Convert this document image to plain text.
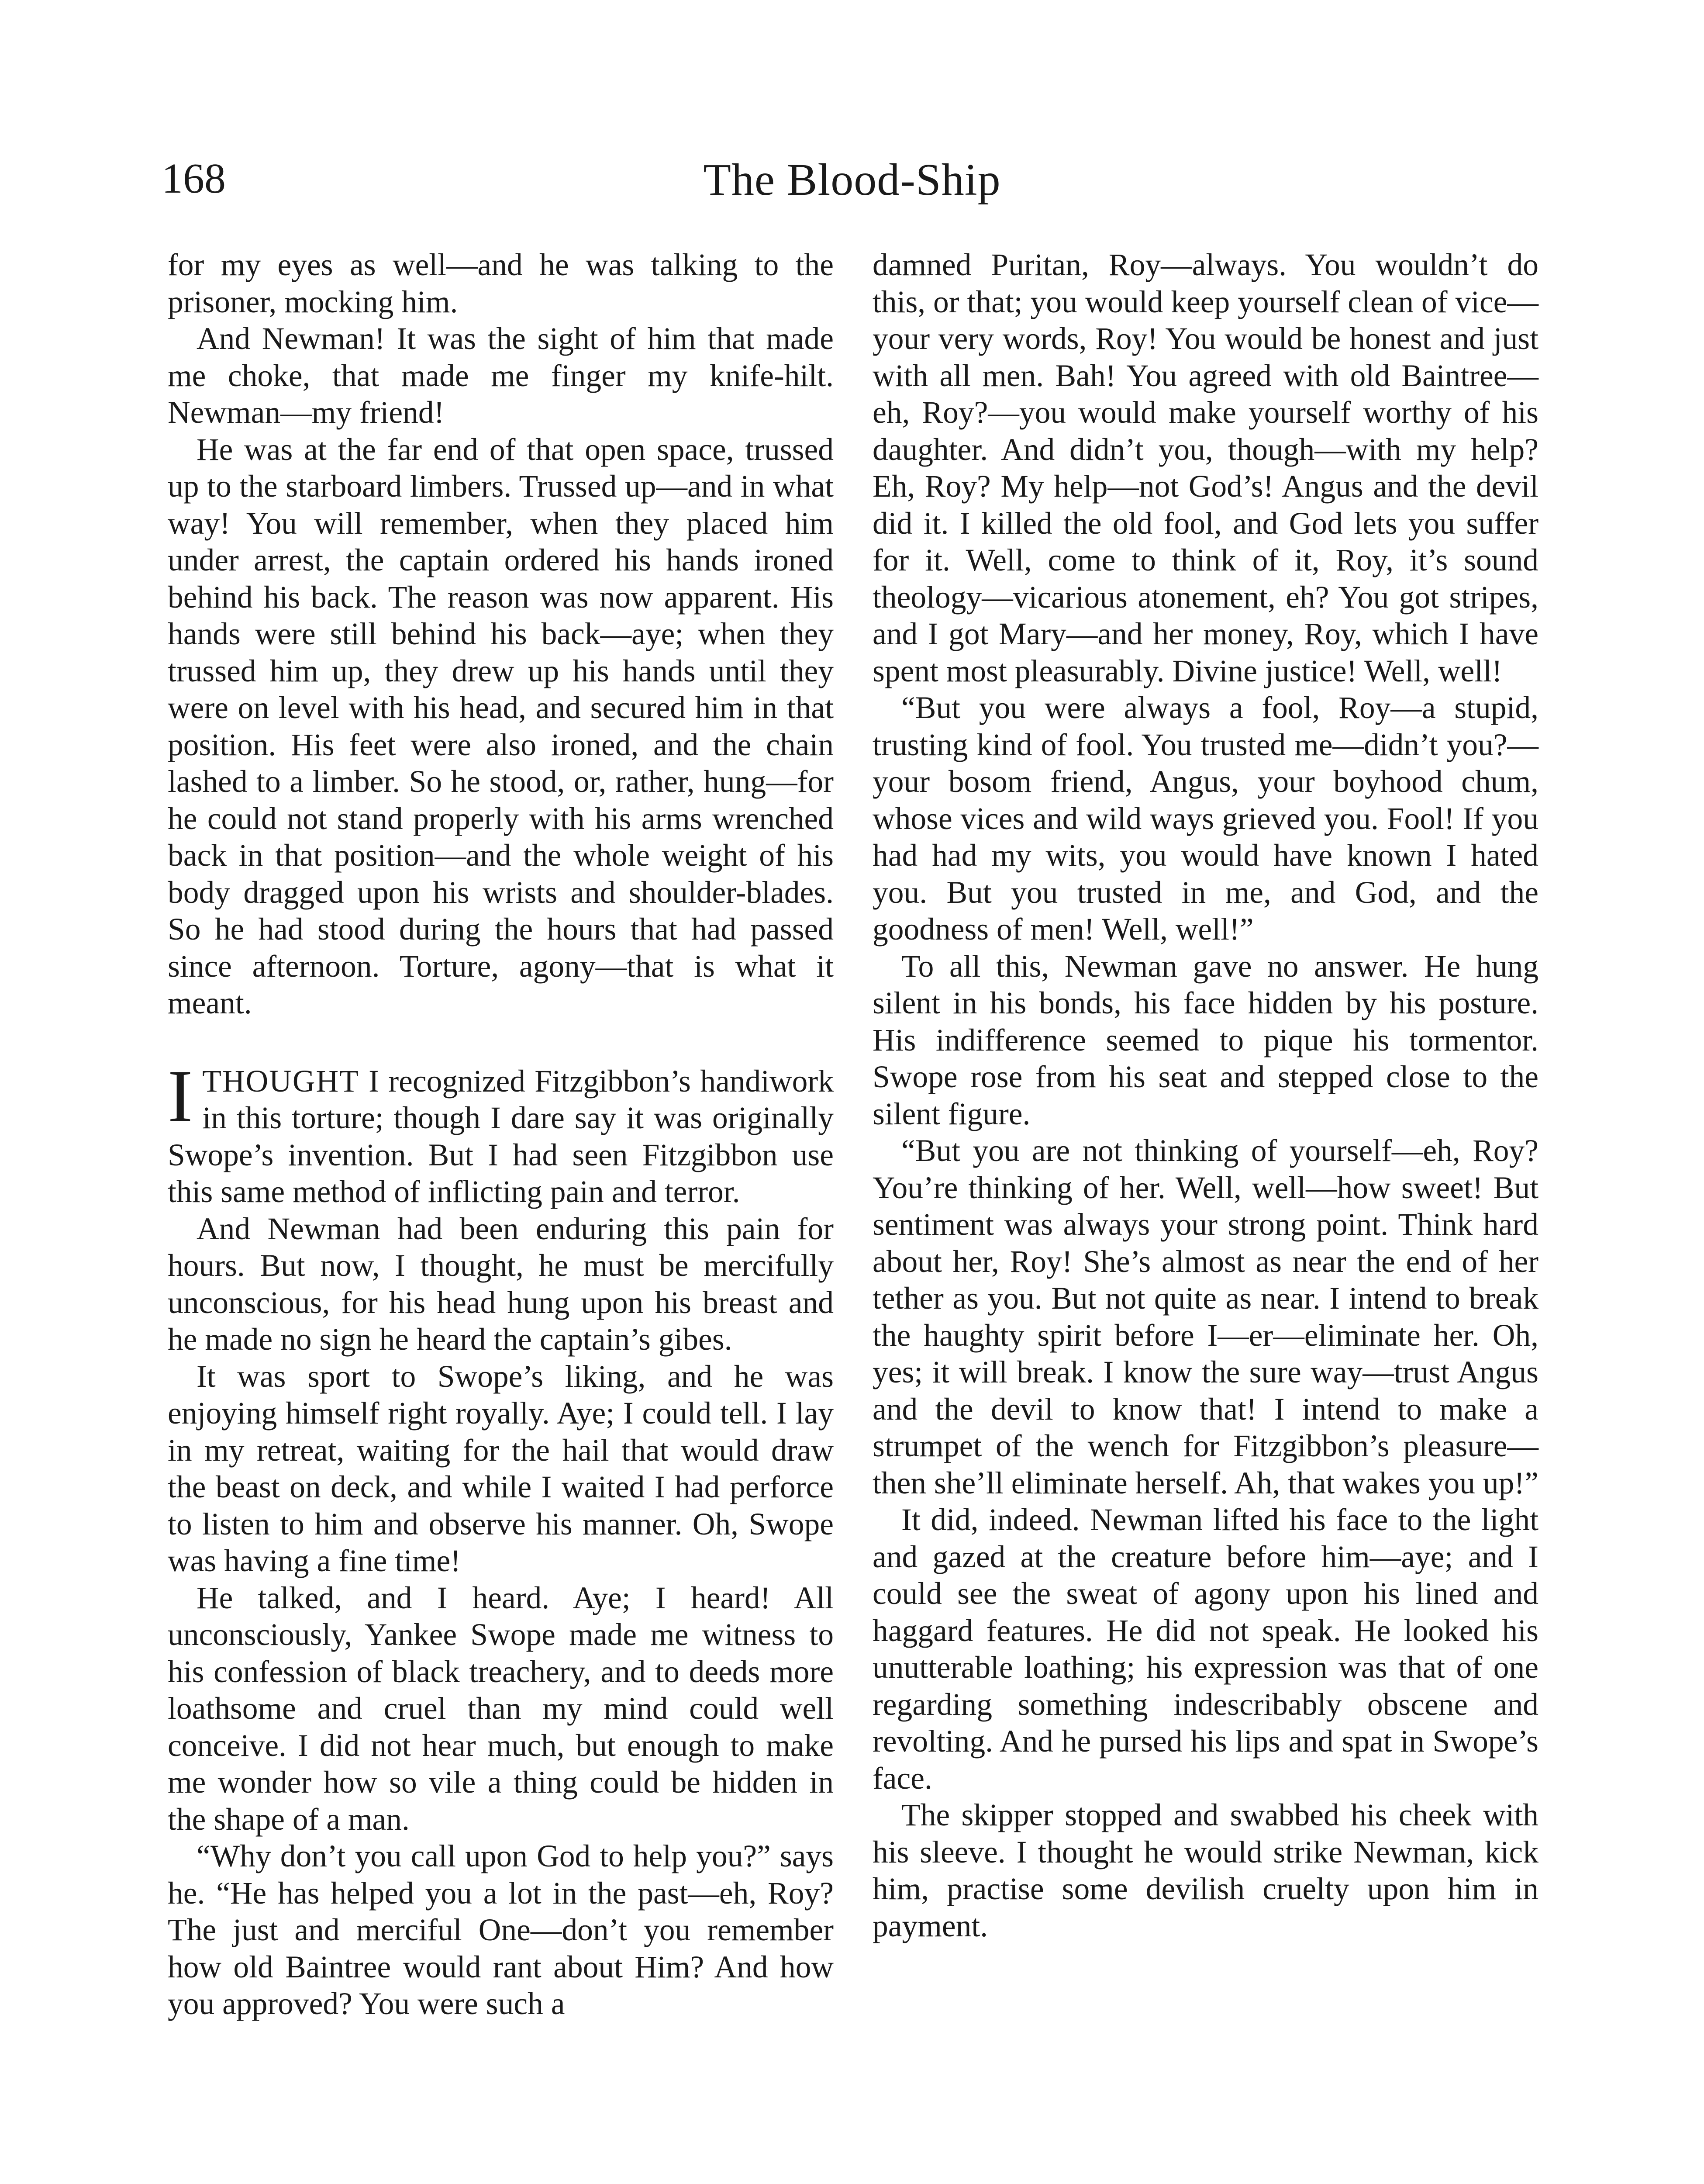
168	The Blood-Ship

for my eyes as well—and he was talking to the prisoner, mocking him.

And Newman! It was the sight of him that made me choke, that made me finger my knife-hilt. Newman—my friend!

He was at the far end of that open space, trussed up to the starboard limbers. Trussed up—and in what way! You will remember, when they placed him under arrest, the captain ordered his hands ironed behind his back. The reason was now apparent. His hands were still behind his back—aye; when they trussed him up, they drew up his hands until they were on level with his head, and secured him in that position. His feet were also ironed, and the chain lashed to a limber. So he stood, or, rather, hung—for he could not stand properly with his arms wrenched back in that position—and the whole weight of his body dragged upon his wrists and shoulder-blades. So he had stood during the hours that had passed since afternoon. Torture, agony—that is what it meant.

ITHOUGHT I recognized Fitzgibbon’s handiwork in this torture; though I dare say it was originally Swope’s invention. But I had seen Fitzgibbon use this same method of inflicting pain and terror.

And Newman had been enduring this pain for hours. But now, I thought, he must be mercifully unconscious, for his head hung upon his breast and he made no sign he heard the captain’s gibes.

It was sport to Swope’s liking, and he was enjoying himself right royally. Aye; I could tell. I lay in my retreat, waiting for the hail that would draw the beast on deck, and while I waited I had perforce to listen to him and observe his manner. Oh, Swope was having a fine time!

He talked, and I heard. Aye; I heard! All unconsciously, Yankee Swope made me witness to his confession of black treachery, and to deeds more loathsome and cruel than my mind could well conceive. I did not hear much, but enough to make me wonder how so vile a thing could be hidden in the shape of a man.

“Why don’t you call upon God to help you?” says he. “He has helped you a lot in the past—eh, Roy? The just and merciful One—don’t you remember how old Baintree would rant about Him? And how you approved? You were such a

damned Puritan, Roy—always. You wouldn’t do this, or that; you would keep yourself clean of vice—your very words, Roy! You would be honest and just with all men. Bah! You agreed with old Baintree—eh, Roy?—you would make yourself worthy of his daughter. And didn’t you, though—with my help? Eh, Roy? My help—not God’s! Angus and the devil did it. I killed the old fool, and God lets you suffer for it. Well, come to think of it, Roy, it’s sound theology—vicarious atonement, eh? You got stripes, and I got Mary—and her money, Roy, which I have spent most pleasurably. Divine justice! Well, well!

“But you were always a fool, Roy—a stupid, trusting kind of fool. You trusted me—didn’t you?—your bosom friend, Angus, your boyhood chum, whose vices and wild ways grieved you. Fool! If you had had my wits, you would have known I hated you. But you trusted in me, and God, and the goodness of men! Well, well!”

To all this, Newman gave no answer. He hung silent in his bonds, his face hidden by his posture. His indifference seemed to pique his tormentor. Swope rose from his seat and stepped close to the silent figure.

“But you are not thinking of yourself—eh, Roy? You’re thinking of her. Well, well—how sweet! But sentiment was always your strong point. Think hard about her, Roy! She’s almost as near the end of her tether as you. But not quite as near. I intend to break the haughty spirit before I—er—eliminate her. Oh, yes; it will break. I know the sure way—trust Angus and the devil to know that! I intend to make a strumpet of the wench for Fitzgibbon’s pleasure—then she’ll eliminate herself. Ah, that wakes you up!”

It did, indeed. Newman lifted his face to the light and gazed at the creature before him—aye; and I could see the sweat of agony upon his lined and haggard features. He did not speak. He looked his unutterable loathing; his expression was that of one regarding something indescribably obscene and revolting. And he pursed his lips and spat in Swope’s face.

The skipper stopped and swabbed his cheek with his sleeve. I thought he would strike Newman, kick him, practise some devilish cruelty upon him in payment.
